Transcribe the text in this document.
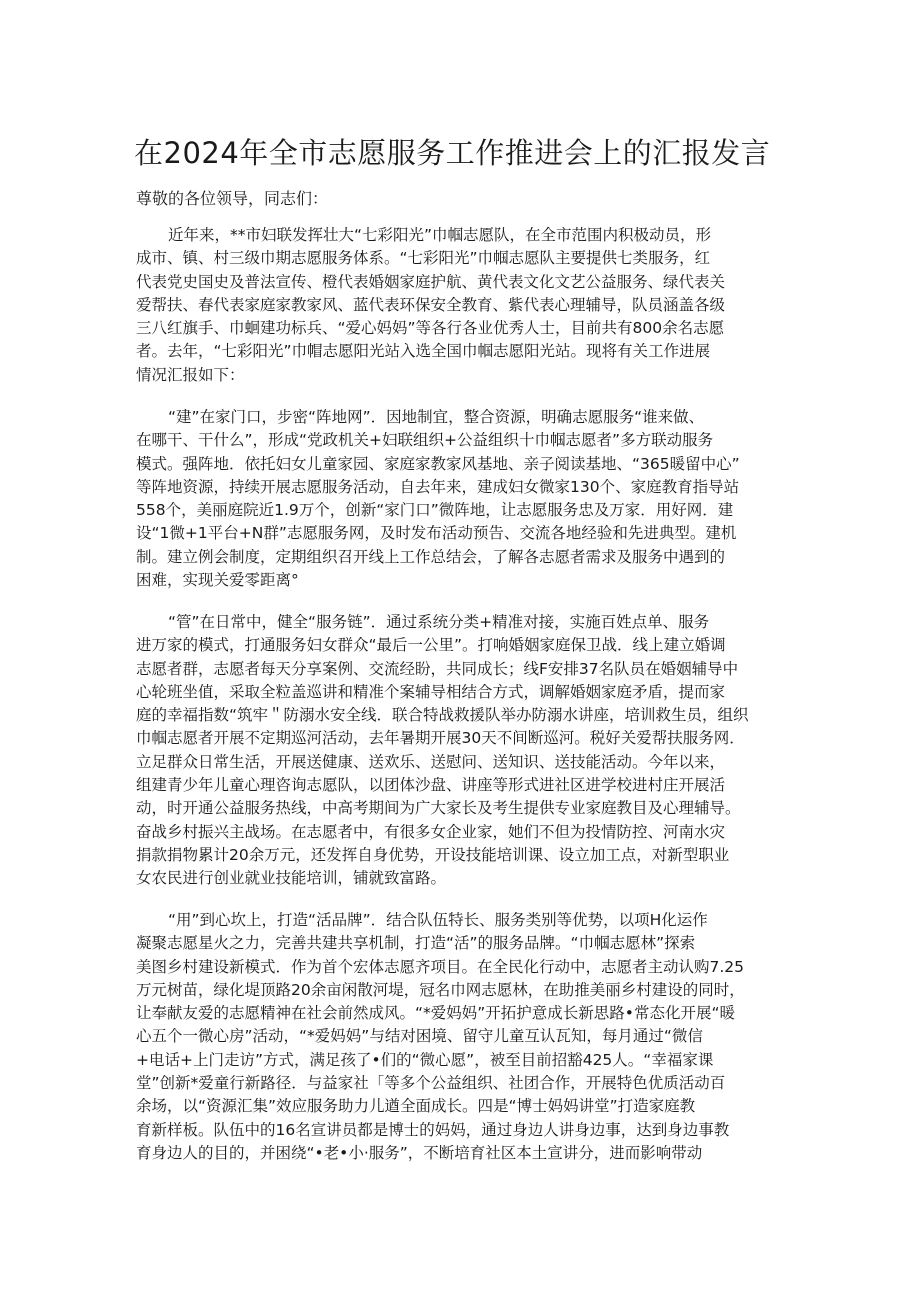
在2024年全市志愿服务工作推进会上的汇报发言

尊敬的各位领导，同志们：

近年来，**市妇联发挥壮大“七彩阳光”巾帼志愿队，在全市范围内积极动员，形
成市、镇、村三级巾期志愿服务体系。“七彩阳光”巾帼志愿队主要提供七类服务，红
代表党史国史及普法宣传、橙代表婚姻家庭护航、黄代表文化文艺公益服务、绿代表关
爱帮扶、春代表家庭家教家风、蓝代表环保安全教育、紫代表心理辅导，队员涵盖各级
三八红旗手、巾蛔建功标兵、“爱心妈妈”等各行各业优秀人士，目前共有800余名志愿
者。去年，“七彩阳光”巾帽志愿阳光站入选全国巾帼志愿阳光站。现将有关工作进展
情况汇报如下：
“建”在家门口，步密“阵地网”．因地制宜，整合资源，明确志愿服务“谁来做、
在哪干、干什么”，形成“党政机关+妇联组织+公益组织十巾帼志愿者”多方联动服务
模式。强阵地．依托妇女儿童家园、家庭家教家风基地、亲子阅读基地、“365暖留中心”
等阵地资源，持续开展志愿服务活动，自去年来，建成妇女微家130个、家庭教育指导站
558个，美丽庭院近1.9万个，创新“家门口”微阵地，让志愿服务忠及万家．用好网．建
设“1微+1平台+N群”志愿服务网，及时发布活动预告、交流各地经验和先进典型。建机
制。建立例会制度，定期组织召开线上工作总结会，了解各志愿者需求及服务中遇到的
困难，实现关爱零距离°
“管”在日常中，健全“服务链”．通过系统分类+精准对接，实施百姓点单、服务
进万家的模式，打通服务妇女群众“最后一公里”。打响婚姻家庭保卫战．线上建立婚调
志愿者群，志愿者每天分享案例、交流经盼，共同成长；线F安排37名队员在婚姻辅导中
心轮班坐值，采取全粒盖巡讲和精准个案辅导相结合方式，调解婚姻家庭矛盾，提而家
庭的幸福指数“筑牢＂防溺水安全线．联合特战救援队举办防溺水讲座，培训救生员，组织
巾帼志愿者开展不定期巡河活动，去年暑期开展30天不间断巡河。税好关爱帮扶服务网．
立足群众日常生活，开展送健康、送欢乐、送慰问、送知识、送技能活动。今年以来，
组建青少年儿童心理咨询志愿队，以团体沙盘、讲座等形式进社区进学校进村庄开展活
动，时开通公益服务热线，中高考期间为广大家长及考生提供专业家庭教目及心理辅导。
奋战乡村振兴主战场。在志愿者中，有很多女企业家，她们不但为投情防控、河南水灾
捐款捐物累计20余万元，还发挥自身优势，开设技能培训课、设立加工点，对新型职业
女农民进行创业就业技能培训，铺就致富路。
“用”到心坎上，打造“活品牌”．结合队伍特长、服务类别等优势，以项H化运作
凝聚志愿星火之力，完善共建共享机制，打造“活”的服务品牌。“巾帼志愿林”探索
美图乡村建设新模式．作为首个宏体志愿齐项目。在全民化行动中，志愿者主动认购7.25
万元树苗，绿化堤顶路20余亩闲散河堤，冠名巾网志愿林，在助推美丽乡村建设的同时，
让奉献友爱的志愿精神在社会前然成风。“*爱妈妈”开拓护意成长新思路•常态化开展“暖
心五个一微心房”活动，“*爱妈妈”与结对困境、留守儿童互认瓦知，每月通过“微信
+电话+上门走访”方式，满足孩了•们的“微心愿”，被至目前招豁425人。“幸福家课
堂”创新*爱童行新路径．与益家社「等多个公益组织、社团合作，开展特色优质活动百
余场，以“资源汇集”效应服务助力儿遒全面成长。四是“博士妈妈讲堂”打造家庭教
育新样板。队伍中的16名宣讲员都是博士的妈妈，通过身边人讲身边事，达到身边事教
育身边人的目的，并困绕“•老•小·服务”，不断培育社区本土宣讲分，进而影响带动
